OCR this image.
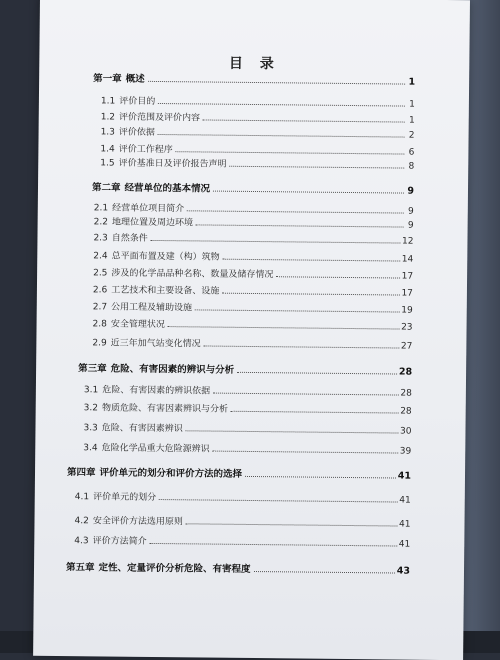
目 录
第一章 概述	1
1.1 评价目的	1
1.2 评价范围及评价内容	1
1.3 评价依据	2
1.4 评价工作程序	6
1.5 评价基准日及评价报告声明	8
第二章 经营单位的基本情况	9
2.1 经营单位项目简介	9
2.2 地理位置及周边环境	9
2.3 自然条件	12
2.4 总平面布置及建（构）筑物	14
2.5 涉及的化学品品种名称、数量及储存情况	17
2.6 工艺技术和主要设备、设施	17
2.7 公用工程及辅助设施	19
2.8 安全管理状况	23
2.9 近三年加气站变化情况	27
第三章 危险、有害因素的辨识与分析	28
3.1 危险、有害因素的辨识依据	28
3.2 物质危险、有害因素辨识与分析	28
3.3 危险、有害因素辨识	30
3.4 危险化学品重大危险源辨识	39
第四章 评价单元的划分和评价方法的选择	41
4.1 评价单元的划分	41
4.2 安全评价方法选用原则	41
4.3 评价方法简介	41
第五章 定性、定量评价分析危险、有害程度	43
